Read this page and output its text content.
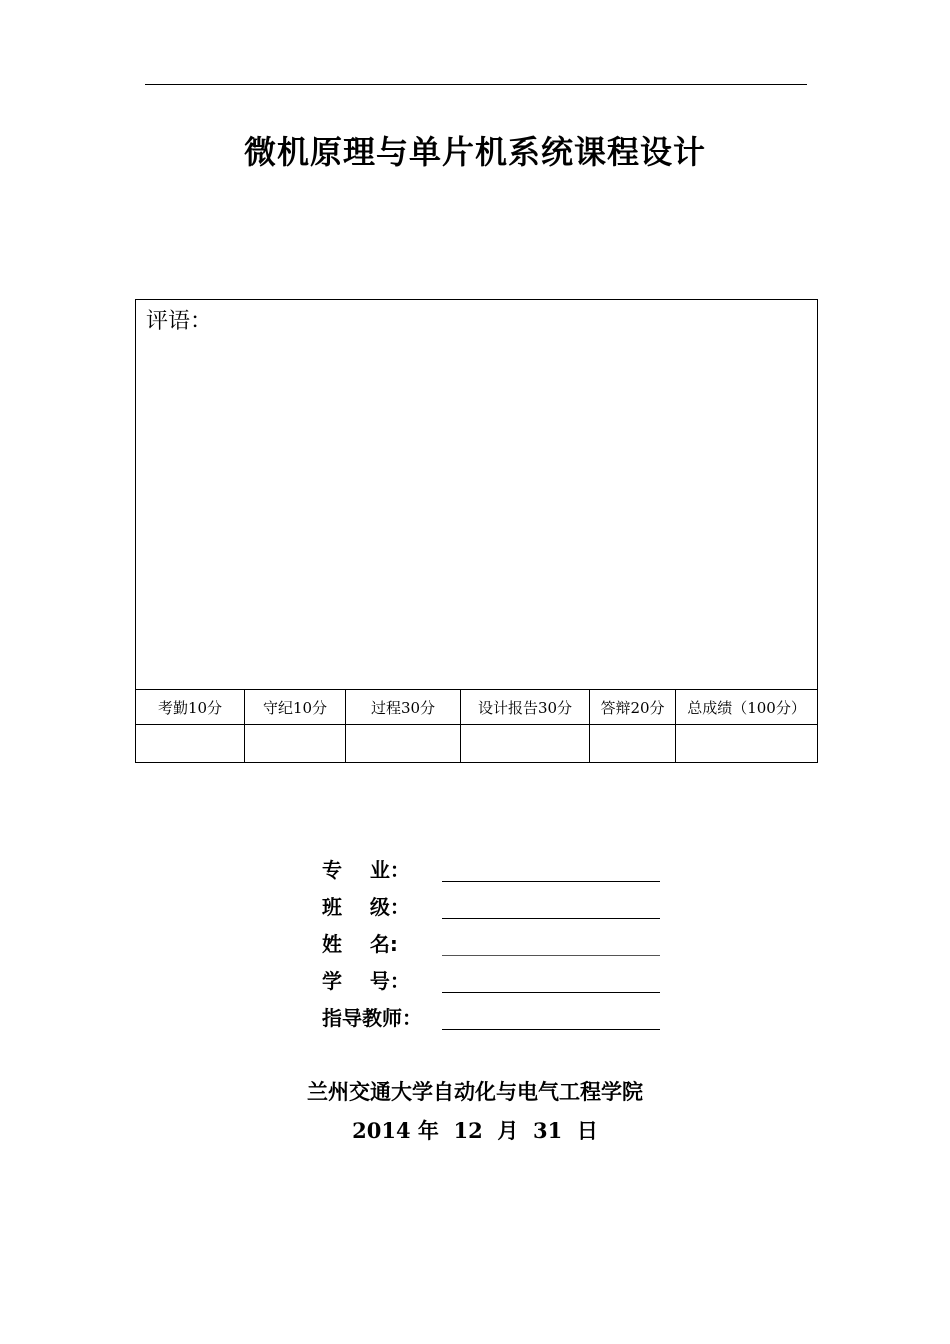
微机原理与单片机系统课程设计
评语：					
考勤10分	守纪10分	过程30分	设计报告30分	答辩20分	总成绩（100分）

专    业：
班    级：
姓    名:
学    号：
指导教师：
兰州交通大学自动化与电气工程学院
2014 年  12  月  31  日
